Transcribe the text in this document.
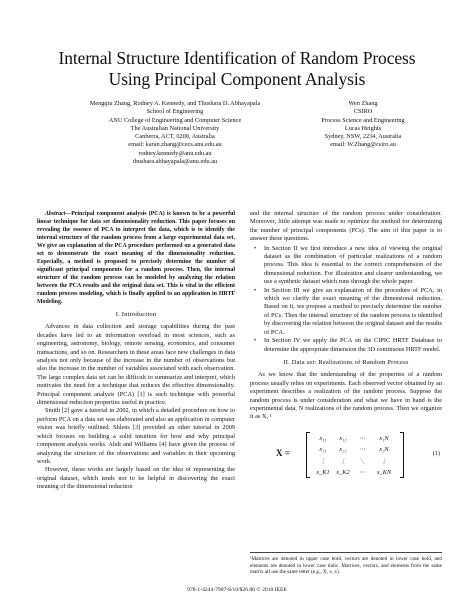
Internal Structure Identification of Random Process
Using Principal Component Analysis
Mengqiu Zhang, Rodney A. Kennedy, and Thushara D. Abhayapala
School of Engineering
ANU College of Engineering and Computer Science
The Australian National University
Canberra, ACT, 0200, Australia
email: karan.zhang@cecs.anu.edu.au
rodney.kennedy@anu.edu.au
thushara.abhayapala@anu.edu.au
Wen Zhang
CSIRO
Process Science and Engineering
Lucas Heights
Sydney, NSW, 2234, Australia
email: W.Zhang@csiro.au

Abstract—Principal component analysis (PCA) is known to be a powerful linear technique for data set dimensionality reduction. This paper focuses on revealing the essence of PCA to interpret the data, which is to identify the internal structure of the random process from a large experimental data set. We give an explanation of the PCA procedure performed on a generated data set to demonstrate the exact meaning of the dimensionality reduction. Especially, a method is proposed to precisely determine the number of significant principal components for a random process. Then, the internal structure of the random process can be modeled by analyzing the relation between the PCA results and the original data set. This is vital in the efficient random process modeling, which is finally applied to an application in HRTF Modeling.

I. Introduction

Advances in data collection and storage capabilities during the past decades have led to an information overload in most sciences, such as engineering, astronomy, biology, remote sensing, economics, and consumer transactions, and so on. Researchers in these areas face new challenges in data analysis not only because of the increase in the number of observations but also the increase in the number of variables associated with each observation. The large complex data set can be difficult to summarize and interpret, which motivates the need for a technique that reduces the effective dimensionality. Principal component analysis (PCA) [1] is such technique with powerful dimensional reduction properties useful in practice.

Smith [2] gave a tutorial in 2002, in which a detailed procedure on how to perform PCA on a data set was elaborated and also an application in computer vision was briefly outlined. Shlens [3] provided an other tutorial in 2009 which focuses on building a solid intuition for how and why principal component analysis works. Abdi and Williams [4] have given the process of analyzing the structure of the observations and variables in their upcoming work.

However, these works are largely based on the idea of representing the original dataset, which tends not to be helpful in discovering the exact meaning of the dimensional reduction

and the internal structure of the random process under consideration. Moreover, little attempt was made to optimize the method for determining the number of principal components (PCs). The aim of this paper is to answer these questions.

• In Section II we first introduce a new idea of viewing the original dataset as the combination of particular realizations of a random process. This idea is essential to the correct comprehension of the dimensional reduction. For illustration and clearer understanding, we use a synthetic dataset which runs through the whole paper.
• In Section III we give an explanation of the procedure of PCA, in which we clarify the exact meaning of the dimensional reduction. Based on it, we propose a method to precisely determine the number of PCs. Then the internal structure of the random process is identified by discovering the relation between the original dataset and the results of PCA.
• In Section IV we apply the PCA on the CIPIC HRTF Database to determine the appropriate dimension the 3D continuous HRTF model.
II. Data set: Realizations of Random Process

As we know that the understanding of the properties of a random process usually relies on experiments. Each observed vector obtained by an experiment describes a realization of the random process. Suppose the random process is under consideration and what we have in hand is the experimental data, N realizations of the random process. Then we organize it as X, ¹

X =
x₁₁	x₁₂	⋯	x₁N
x₂₁	x₂₂	⋯	x₂N
⋮	⋮	⋱	⋮
x_K1	x_K2	⋯	x_KN
(1)
¹Matrices are denoted in upper case bold, vectors are denoted in lower case bold, and elements are denoted in lower case italic. Matrices, vectors, and elements from the same matrix all use the same letter (e.g., X, x, x).
978-1-4244-7907-8/10/$26.00 © 2010 IEEE
